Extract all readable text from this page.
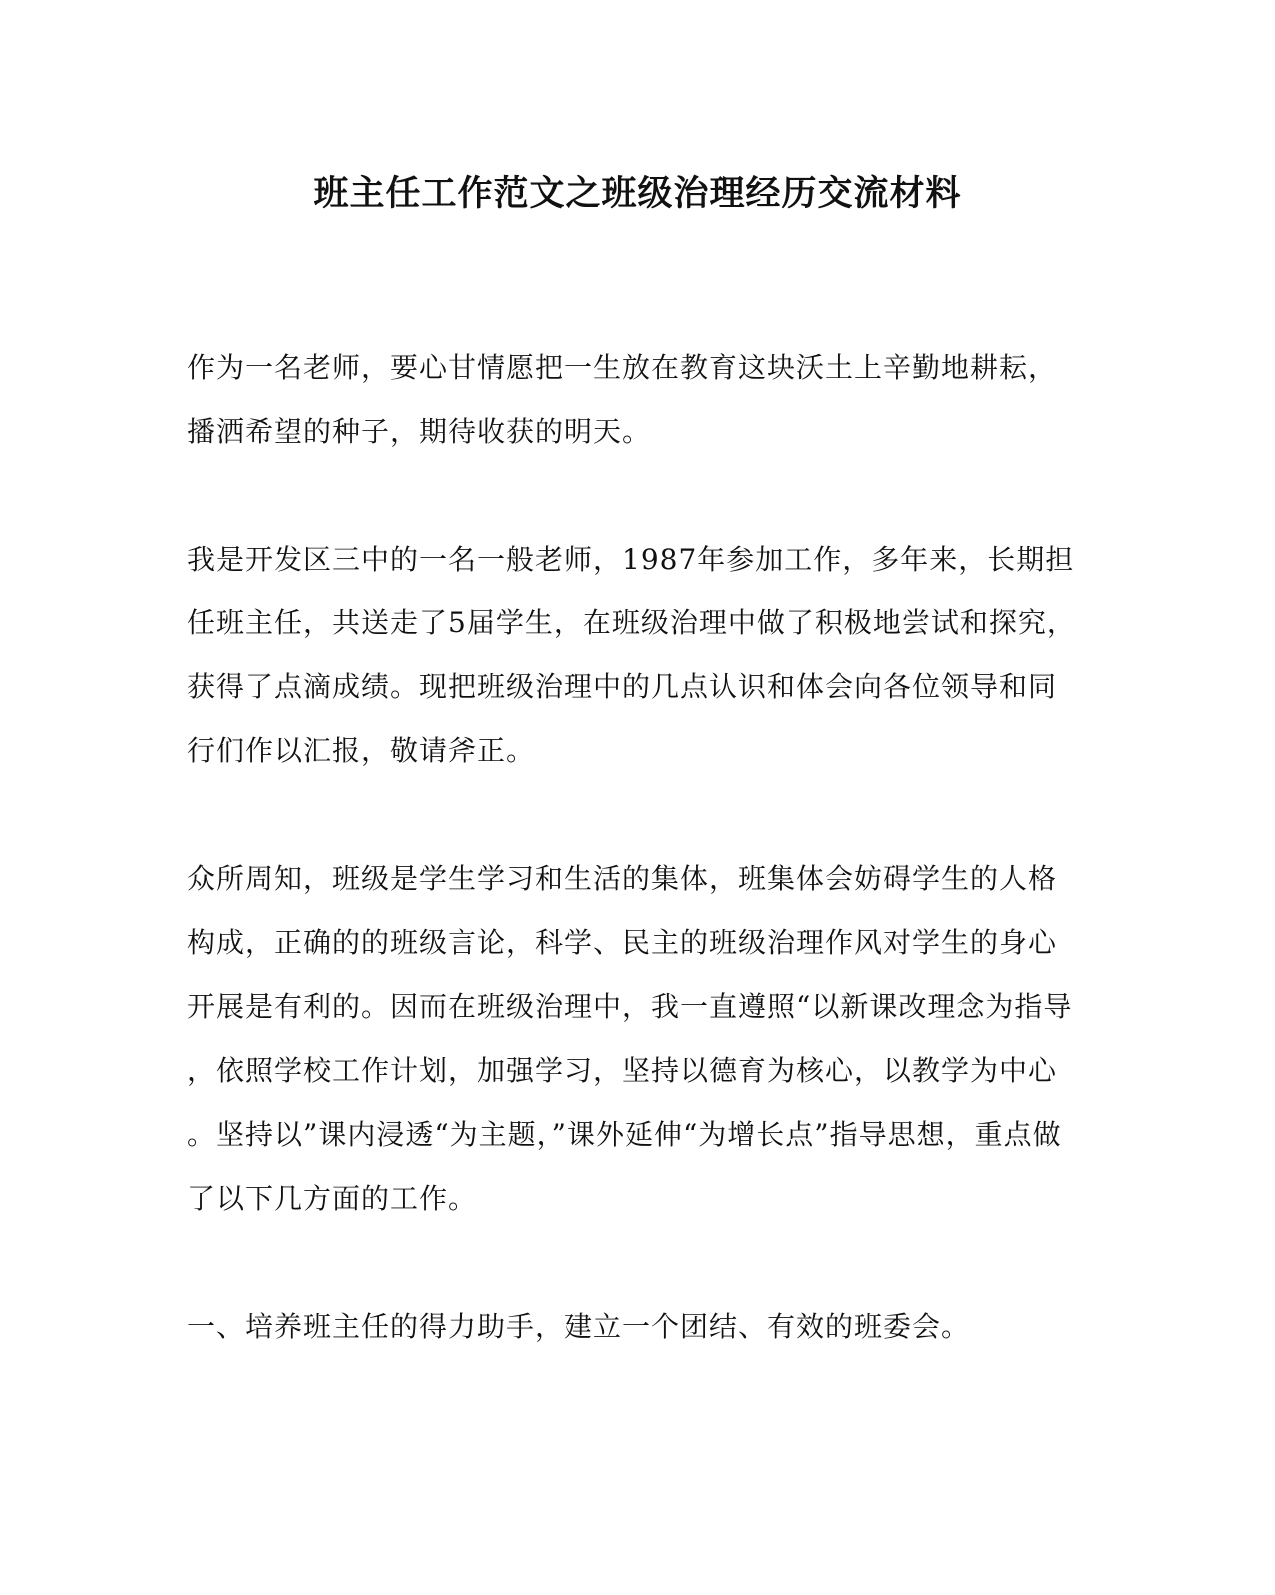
班主任工作范文之班级治理经历交流材料
作为一名老师，要心甘情愿把一生放在教育这块沃土上辛勤地耕耘，
播洒希望的种子，期待收获的明天。
我是开发区三中的一名一般老师，1987年参加工作，多年来，长期担
任班主任，共送走了5届学生，在班级治理中做了积极地尝试和探究，
获得了点滴成绩。现把班级治理中的几点认识和体会向各位领导和同
行们作以汇报，敬请斧正。
众所周知，班级是学生学习和生活的集体，班集体会妨碍学生的人格
构成，正确的的班级言论，科学、民主的班级治理作风对学生的身心
开展是有利的。因而在班级治理中，我一直遵照“以新课改理念为指导
，依照学校工作计划，加强学习，坚持以德育为核心，以教学为中心
。坚持以”课内浸透“为主题，”课外延伸“为增长点”指导思想，重点做
了以下几方面的工作。
一、培养班主任的得力助手，建立一个团结、有效的班委会。
